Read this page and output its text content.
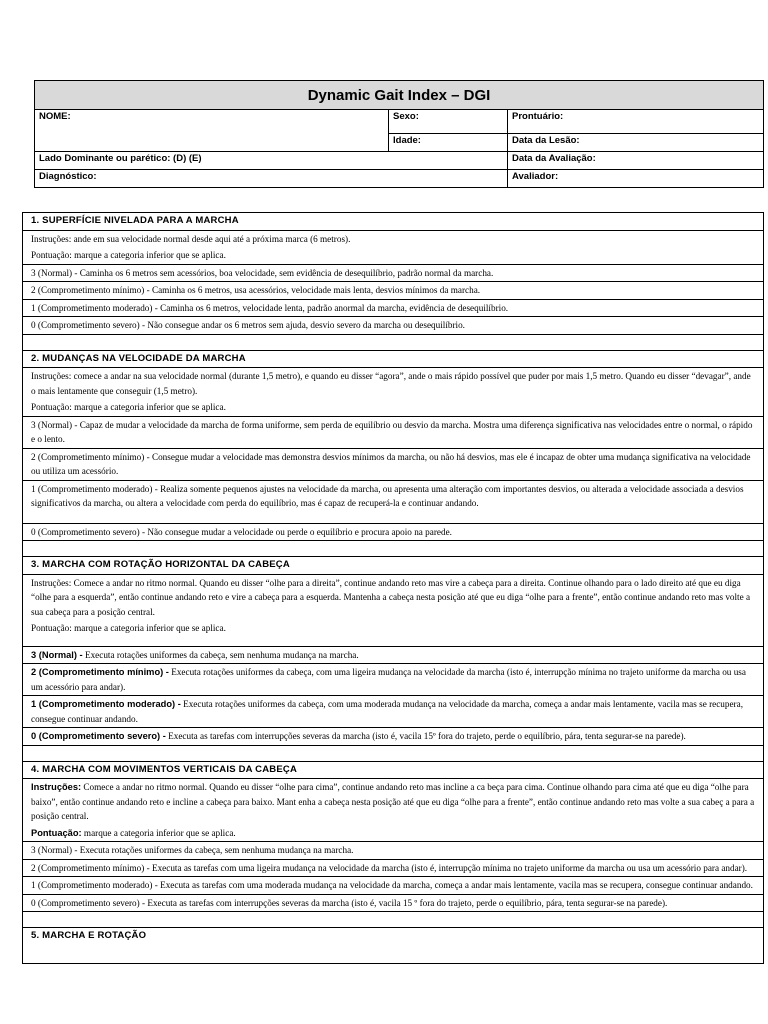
Dynamic Gait Index – DGI		
NOME:	Sexo:	Prontuário:
	Idade:	Data da Lesão:
Lado Dominante ou parético: (D) (E)		Data da Avaliação:
Diagnóstico:		Avaliador:
1. SUPERFÍCIE NIVELADA PARA A MARCHA

Instruções: ande em sua velocidade normal desde aqui até a próxima marca (6 metros).

Pontuação: marque a categoria inferior que se aplica.

3 (Normal) - Caminha os 6 metros sem acessórios, boa velocidade, sem evidência de desequilíbrio, padrão normal da marcha.
2 (Comprometimento mínimo) - Caminha os 6 metros, usa acessórios, velocidade mais lenta, desvios mínimos da marcha.
1 (Comprometimento moderado) - Caminha os 6 metros, velocidade lenta, padrão anormal da marcha, evidência de desequilíbrio.
0 (Comprometimento severo) - Não consegue andar os 6 metros sem ajuda, desvio severo da marcha ou desequilíbrio.
2. MUDANÇAS NA VELOCIDADE DA MARCHA

Instruções: comece a andar na sua velocidade normal (durante 1,5 metro), e quando eu disser “agora”, ande o mais rápido possível que puder por mais 1,5 metro. Quando eu disser “devagar”, ande o mais lentamente que conseguir (1,5 metro).

Pontuação: marque a categoria inferior que se aplica.

3 (Normal) - Capaz de mudar a velocidade da marcha de forma uniforme, sem perda de equilíbrio ou desvio da marcha. Mostra uma diferença significativa nas velocidades entre o normal, o rápido e o lento.
2 (Comprometimento mínimo) - Consegue mudar a velocidade mas demonstra desvios mínimos da marcha, ou não há desvios, mas ele é incapaz de obter uma mudança significativa na velocidade ou utiliza um acessório.
1 (Comprometimento moderado) - Realiza somente pequenos ajustes na velocidade da marcha, ou apresenta uma alteração com importantes desvios, ou alterada a velocidade associada a desvios significativos da marcha, ou altera a velocidade com perda do equilíbrio, mas é capaz de recuperá-la e continuar andando.
0 (Comprometimento severo) - Não consegue mudar a velocidade ou perde o equilíbrio e procura apoio na parede.
3. MARCHA COM ROTAÇÃO HORIZONTAL DA CABEÇA

Instruções: Comece a andar no ritmo normal. Quando eu disser “olhe para a direita”, continue andando reto mas vire a cabeça para a direita. Continue olhando para o lado direito até que eu diga “olhe para a esquerda”, então continue andando reto e vire a cabeça para a esquerda. Mantenha a cabeça nesta posição até que eu diga “olhe para a frente”, então continue andando reto mas volte a sua cabeça para a posição central.

Pontuação: marque a categoria inferior que se aplica.

3 (Normal) - Executa rotações uniformes da cabeça, sem nenhuma mudança na marcha.
2 (Comprometimento mínimo) - Executa rotações uniformes da cabeça, com uma ligeira mudança na velocidade da marcha (isto é, interrupção mínima no trajeto uniforme da marcha ou usa um acessório para andar).
1 (Comprometimento moderado) - Executa rotações uniformes da cabeça, com uma moderada mudança na velocidade da marcha, começa a andar mais lentamente, vacila mas se recupera, consegue continuar andando.
0 (Comprometimento severo) - Executa as tarefas com interrupções severas da marcha (isto é, vacila 15º fora do trajeto, perde o equilíbrio, pára, tenta segurar-se na parede).
4. MARCHA COM MOVIMENTOS VERTICAIS DA CABEÇA

Instruções: Comece a andar no ritmo normal. Quando eu disser “olhe para cima”, continue andando reto mas incline a ca beça para cima. Continue olhando para cima até que eu diga “olhe para baixo”, então continue andando reto e incline a cabeça para baixo. Mant enha a cabeça nesta posição até que eu diga “olhe para a frente”, então continue andando reto mas volte a sua cabeç a para a posição central.

Pontuação: marque a categoria inferior que se aplica.

3 (Normal) - Executa rotações uniformes da cabeça, sem nenhuma mudança na marcha.
2 (Comprometimento mínimo) - Executa as tarefas com uma ligeira mudança na velocidade da marcha (isto é, interrupção mínima no trajeto uniforme da marcha ou usa um acessório para andar).
1 (Comprometimento moderado) - Executa as tarefas com uma moderada mudança na velocidade da marcha, começa a andar mais lentamente, vacila mas se recupera, consegue continuar andando.
0 (Comprometimento severo) - Executa as tarefas com interrupções severas da marcha (isto é, vacila 15 º fora do trajeto, perde o equilíbrio, pára, tenta segurar-se na parede).
5. MARCHA E ROTAÇÃO
